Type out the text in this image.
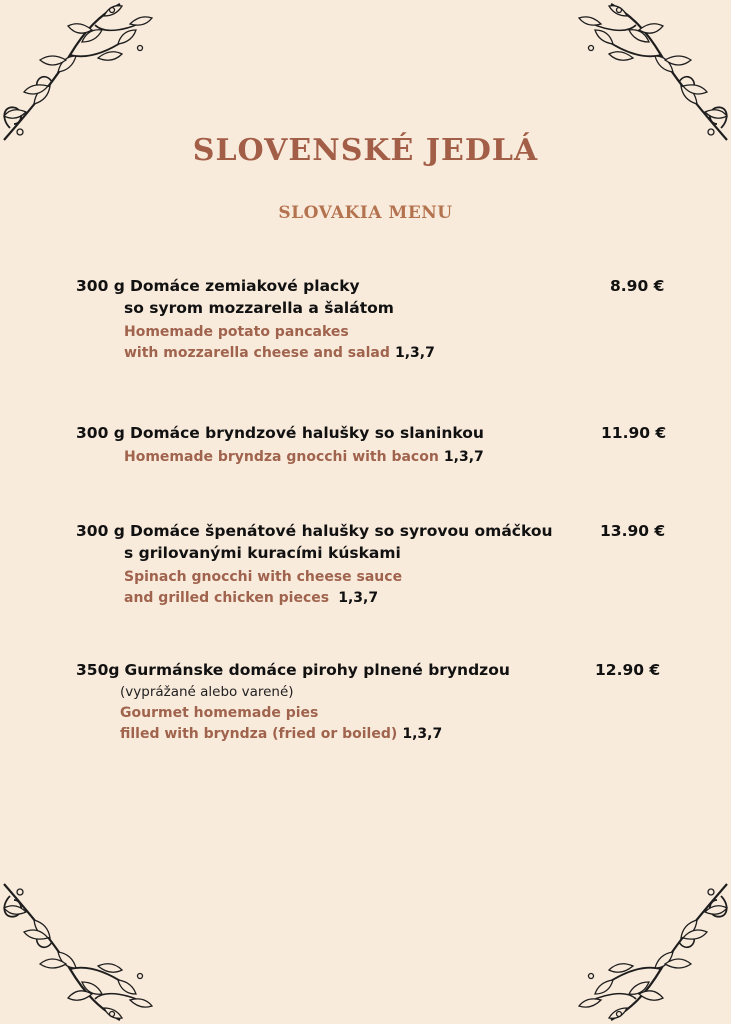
SLOVENSKÉ JEDLÁ
SLOVAKIA MENU
300 g Domáce zemiakové placky	8.90 €
so syrom mozzarella a šalátom
Homemade potato pancakes
with mozzarella cheese and salad 1,3,7
300 g Domáce bryndzové halušky so slaninkou	11.90 €
Homemade bryndza gnocchi with bacon 1,3,7
300 g Domáce špenátové halušky so syrovou omáčkou	13.90 €
s grilovanými kuracími kúskami
Spinach gnocchi with cheese sauce
and grilled chicken pieces 1,3,7
350g Gurmánske domáce pirohy plnené bryndzou	12.90 €
(vyprážané alebo varené)
Gourmet homemade pies
filled with bryndza (fried or boiled) 1,3,7
